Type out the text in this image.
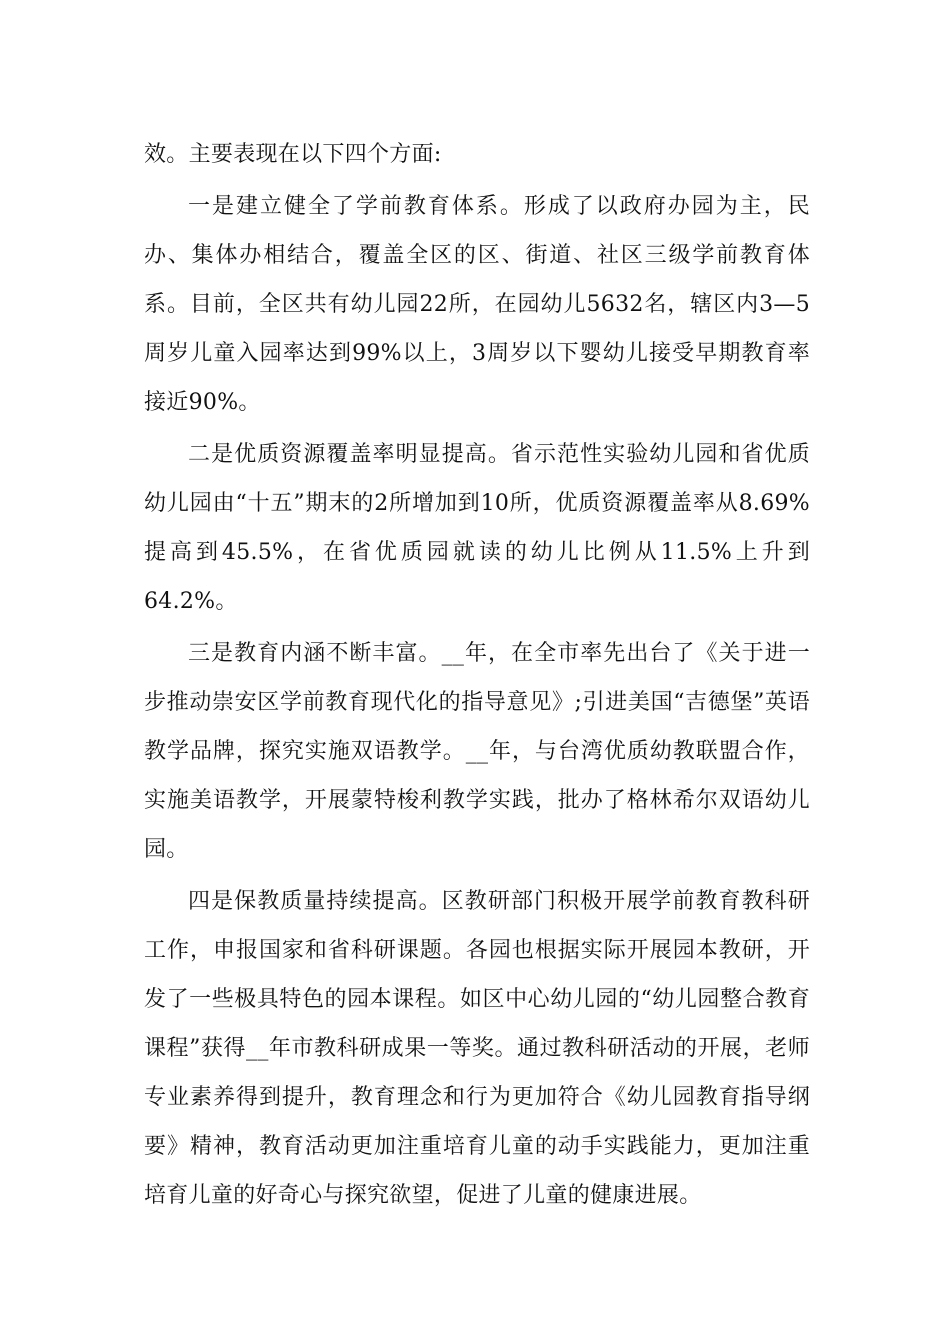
效。主要表现在以下四个方面:

一是建立健全了学前教育体系。形成了以政府办园为主，民办、集体办相结合，覆盖全区的区、街道、社区三级学前教育体系。目前，全区共有幼儿园22所，在园幼儿5632名，辖区内3—5周岁儿童入园率达到99%以上，3周岁以下婴幼儿接受早期教育率接近90%。

二是优质资源覆盖率明显提高。省示范性实验幼儿园和省优质幼儿园由“十五”期末的2所增加到10所，优质资源覆盖率从8.69%提高到45.5%，在省优质园就读的幼儿比例从11.5%上升到64.2%。

三是教育内涵不断丰富。__年，在全市率先出台了《关于进一步推动崇安区学前教育现代化的指导意见》;引进美国“吉德堡”英语教学品牌，探究实施双语教学。__年，与台湾优质幼教联盟合作，实施美语教学，开展蒙特梭利教学实践，批办了格林希尔双语幼儿园。

四是保教质量持续提高。区教研部门积极开展学前教育教科研工作，申报国家和省科研课题。各园也根据实际开展园本教研，开发了一些极具特色的园本课程。如区中心幼儿园的“幼儿园整合教育课程”获得__年市教科研成果一等奖。通过教科研活动的开展，老师专业素养得到提升，教育理念和行为更加符合《幼儿园教育指导纲要》精神，教育活动更加注重培育儿童的动手实践能力，更加注重培育儿童的好奇心与探究欲望，促进了儿童的健康进展。
